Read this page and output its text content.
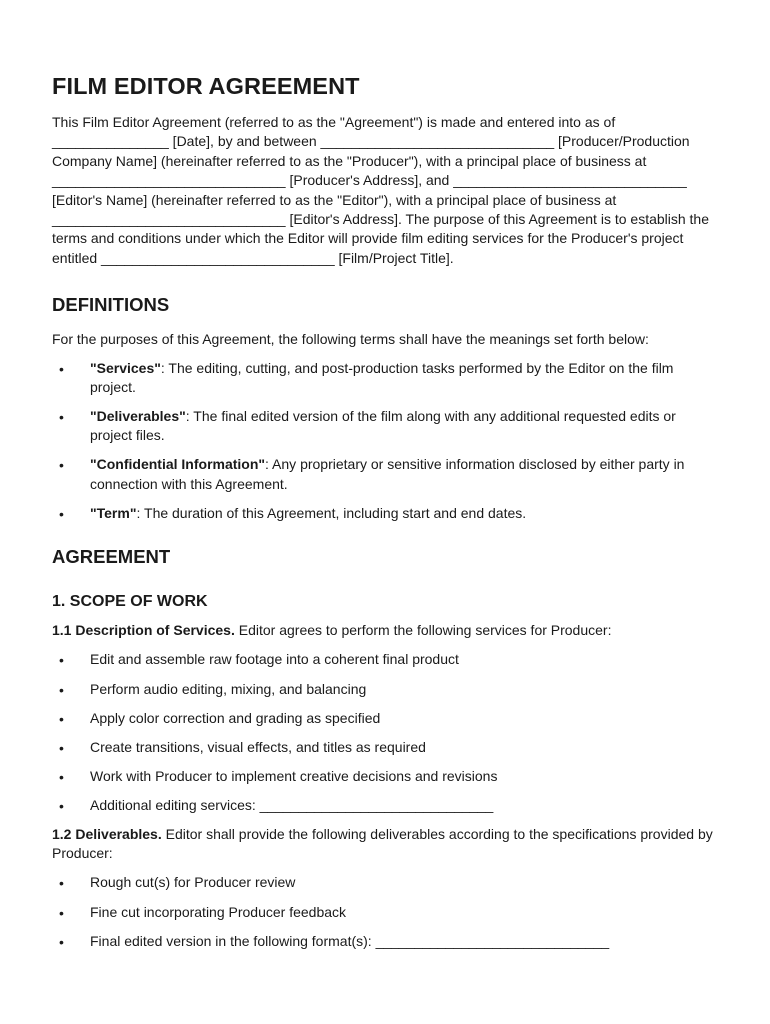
FILM EDITOR AGREEMENT

This Film Editor Agreement (referred to as the "Agreement") is made and entered into as of _______________ [Date], by and between ______________________________ [Producer/Production Company Name] (hereinafter referred to as the "Producer"), with a principal place of business at ______________________________ [Producer's Address], and ______________________________ [Editor's Name] (hereinafter referred to as the "Editor"), with a principal place of business at ______________________________ [Editor's Address]. The purpose of this Agreement is to establish the terms and conditions under which the Editor will provide film editing services for the Producer's project entitled ______________________________ [Film/Project Title].

DEFINITIONS

For the purposes of this Agreement, the following terms shall have the meanings set forth below:

• "Services": The editing, cutting, and post-production tasks performed by the Editor on the film project.
• "Deliverables": The final edited version of the film along with any additional requested edits or project files.
• "Confidential Information": Any proprietary or sensitive information disclosed by either party in connection with this Agreement.
• "Term": The duration of this Agreement, including start and end dates.
AGREEMENT
1. SCOPE OF WORK

1.1 Description of Services. Editor agrees to perform the following services for Producer:

• Edit and assemble raw footage into a coherent final product
• Perform audio editing, mixing, and balancing
• Apply color correction and grading as specified
• Create transitions, visual effects, and titles as required
• Work with Producer to implement creative decisions and revisions
• Additional editing services: ______________________________

1.2 Deliverables. Editor shall provide the following deliverables according to the specifications provided by Producer:

• Rough cut(s) for Producer review
• Fine cut incorporating Producer feedback
• Final edited version in the following format(s): ______________________________
